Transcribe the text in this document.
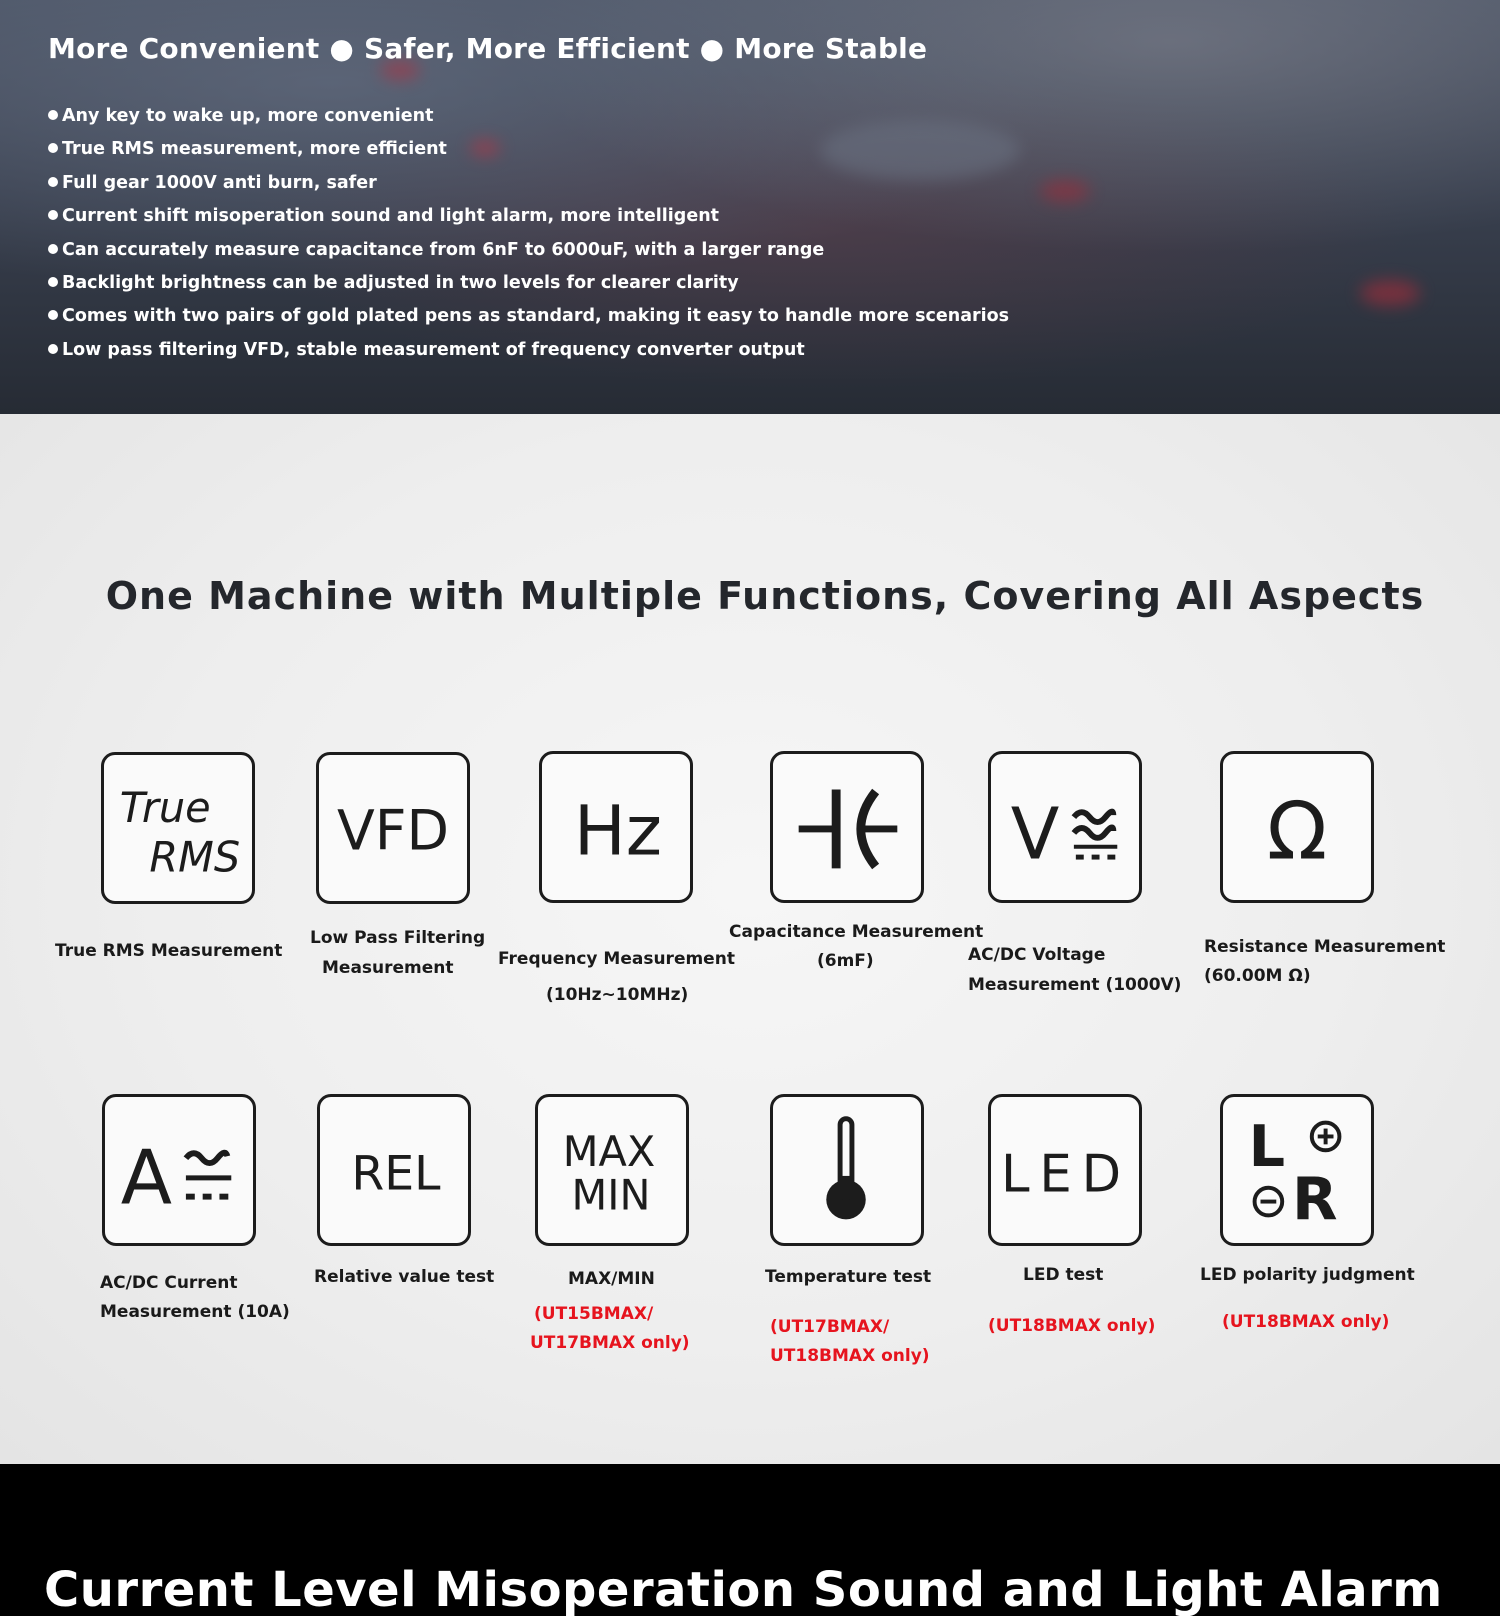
More Convenient ● Safer, More Efficient ● More Stable
Any key to wake up, more convenient
True RMS measurement, more efficient
Full gear 1000V anti burn, safer
Current shift misoperation sound and light alarm, more intelligent
Can accurately measure capacitance from 6nF to 6000uF, with a larger range
Backlight brightness can be adjusted in two levels for clearer clarity
Comes with two pairs of gold plated pens as standard, making it easy to handle more scenarios
Low pass filtering VFD, stable measurement of frequency converter output
One Machine with Multiple Functions, Covering All Aspects
True
RMS VFD Hz	V	Ω
True RMS Measurement
Low Pass Filtering
Measurement	Frequency Measurement
(10Hz~10MHz)
Capacitance Measurement
(6mF)	AC/DC Voltage
Measurement (1000V)
Resistance Measurement
(60.00M Ω)
A	REL	MAX
MIN	LED L
R
AC/DC Current
Measurement (10A)
Relative value test	MAX/MIN
(UT15BMAX/
UT17BMAX only)
Temperature test
(UT17BMAX/
UT18BMAX only)
LED test
(UT18BMAX only)
LED polarity judgment
(UT18BMAX only)
Current Level Misoperation Sound and Light Alarm
